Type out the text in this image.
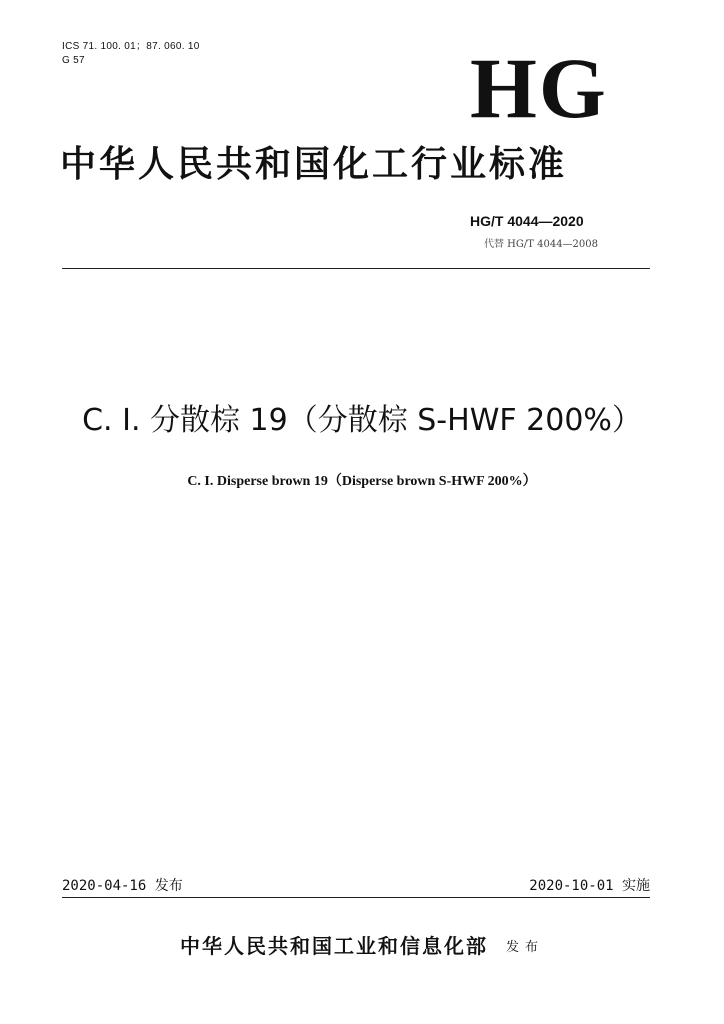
ICS 71. 100. 01；87. 060. 10
G 57	HG
中华人民共和国化工行业标准
HG/T 4044—2020
代替 HG/T 4044—2008
C. I. 分散棕 19（分散棕 S-HWF 200%）
C. I. Disperse brown 19（Disperse brown S-HWF 200%）
2020-04-16 发布	2020-10-01 实施
中华人民共和国工业和信息化部 发布
